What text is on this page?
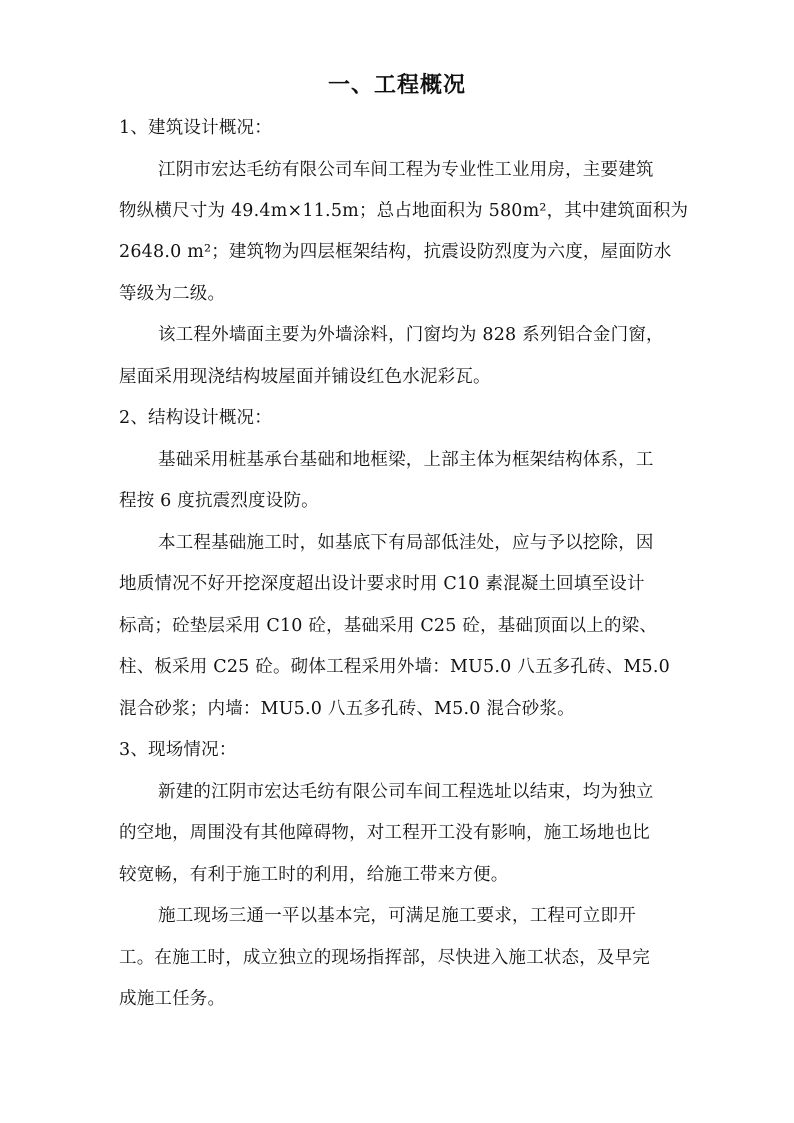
一、工程概况
1、建筑设计概况：
江阴市宏达毛纺有限公司车间工程为专业性工业用房，主要建筑
物纵横尺寸为 49.4m×11.5m；总占地面积为 580m²，其中建筑面积为
2648.0 m²；建筑物为四层框架结构，抗震设防烈度为六度，屋面防水
等级为二级。
该工程外墙面主要为外墙涂料，门窗均为 828 系列铝合金门窗，
屋面采用现浇结构坡屋面并铺设红色水泥彩瓦。
2、结构设计概况：
基础采用桩基承台基础和地框梁，上部主体为框架结构体系，工
程按 6 度抗震烈度设防。
本工程基础施工时，如基底下有局部低洼处，应与予以挖除，因
地质情况不好开挖深度超出设计要求时用 C10 素混凝土回填至设计
标高；砼垫层采用 C10 砼，基础采用 C25 砼，基础顶面以上的梁、
柱、板采用 C25 砼。砌体工程采用外墙：MU5.0 八五多孔砖、M5.0
混合砂浆；内墙：MU5.0 八五多孔砖、M5.0 混合砂浆。
3、现场情况：
新建的江阴市宏达毛纺有限公司车间工程选址以结束，均为独立
的空地，周围没有其他障碍物，对工程开工没有影响，施工场地也比
较宽畅，有利于施工时的利用，给施工带来方便。
施工现场三通一平以基本完，可满足施工要求，工程可立即开
工。在施工时，成立独立的现场指挥部，尽快进入施工状态，及早完
成施工任务。
